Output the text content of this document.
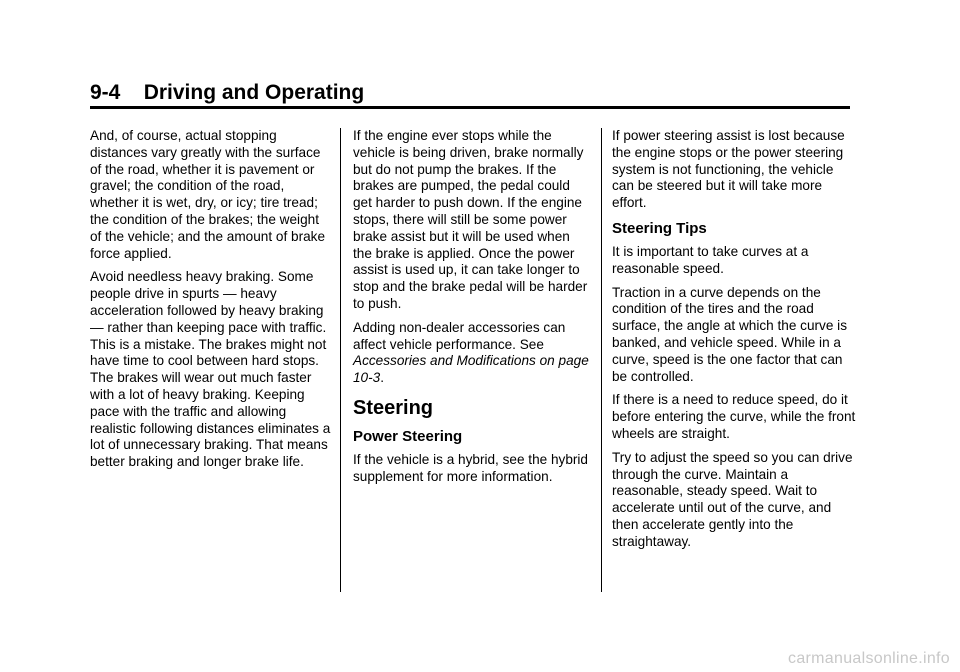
9-4    Driving and Operating

And, of course, actual stopping distances vary greatly with the surface of the road, whether it is pavement or gravel; the condition of the road, whether it is wet, dry, or icy; tire tread; the condition of the brakes; the weight of the vehicle; and the amount of brake force applied.

Avoid needless heavy braking. Some people drive in spurts — heavy acceleration followed by heavy braking — rather than keeping pace with traffic. This is a mistake. The brakes might not have time to cool between hard stops. The brakes will wear out much faster with a lot of heavy braking. Keeping pace with the traffic and allowing realistic following distances eliminates a lot of unnecessary braking. That means better braking and longer brake life.

If the engine ever stops while the vehicle is being driven, brake normally but do not pump the brakes. If the brakes are pumped, the pedal could get harder to push down. If the engine stops, there will still be some power brake assist but it will be used when the brake is applied. Once the power assist is used up, it can take longer to stop and the brake pedal will be harder to push.

Adding non-dealer accessories can affect vehicle performance. See Accessories and Modifications on page 10-3.

Steering
Power Steering

If the vehicle is a hybrid, see the hybrid supplement for more information.

If power steering assist is lost because the engine stops or the power steering system is not functioning, the vehicle can be steered but it will take more effort.

Steering Tips

It is important to take curves at a reasonable speed.

Traction in a curve depends on the condition of the tires and the road surface, the angle at which the curve is banked, and vehicle speed. While in a curve, speed is the one factor that can be controlled.

If there is a need to reduce speed, do it before entering the curve, while the front wheels are straight.

Try to adjust the speed so you can drive through the curve. Maintain a reasonable, steady speed. Wait to accelerate until out of the curve, and then accelerate gently into the straightaway.

carmanualsonline.info
